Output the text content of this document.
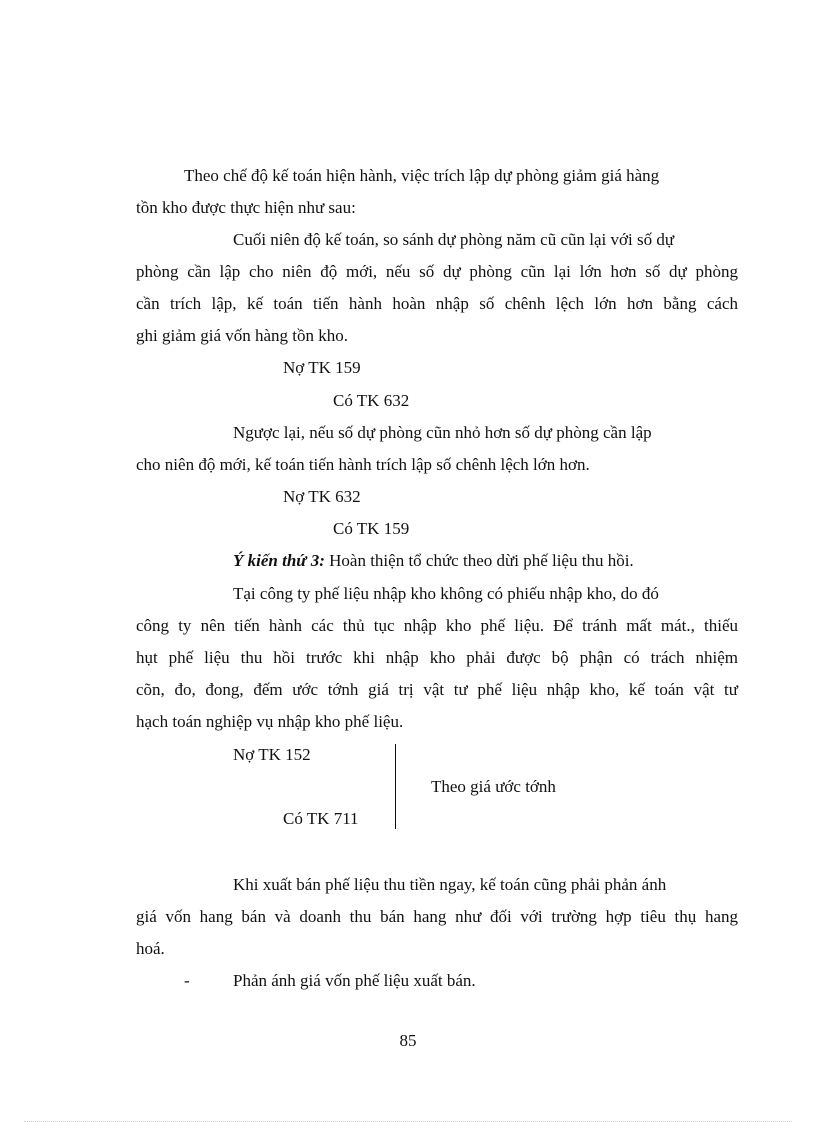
Theo chế độ kế toán hiện hành, việc trích lập dự phòng giảm giá hàng
tồn kho được thực hiện như sau:
Cuối niên độ kế toán, so sánh dự phòng năm cũ cũn lại với số dự
phòng cần lập cho niên độ mới, nếu số dự phòng cũn lại lớn hơn số dự phòng
cần trích lập, kế toán tiến hành hoàn nhập số chênh lệch lớn hơn bằng cách
ghi giảm giá vốn hàng tồn kho.
Nợ TK 159
Có TK 632
Ngược lại, nếu số dự phòng cũn nhỏ hơn số dự phòng cần lập
cho niên độ mới, kế toán tiến hành trích lập số chênh lệch lớn hơn.
Nợ TK 632
Có TK 159
Ý kiến thứ 3: Hoàn thiện tổ chức theo dừi phế liệu thu hồi.
Tại công ty phế liệu nhập kho không có phiếu nhập kho, do đó
công ty nên tiến hành các thủ tục nhập kho phế liệu. Để tránh mất mát., thiếu
hụt phế liệu thu hồi trước khi nhập kho phải được bộ phận có trách nhiệm
cõn, đo, đong, đếm ước tớnh giá trị vật tư phế liệu nhập kho, kế toán vật tư
hạch toán nghiệp vụ nhập kho phế liệu.
Nợ TK 152
Theo giá ước tớnh
Có TK 711
Khi xuất bán phế liệu thu tiền ngay, kế toán cũng phải phản ánh
giá vốn hang bán và doanh thu bán hang như đối với trường hợp tiêu thụ hang
hoá.
-	Phản ánh giá vốn phế liệu xuất bán.
85
